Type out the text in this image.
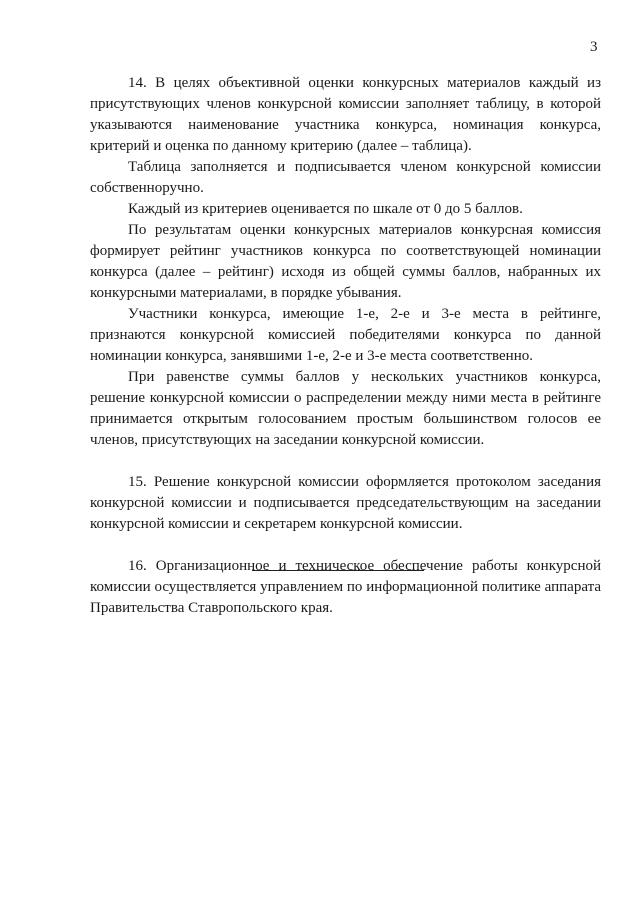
3

14. В целях объективной оценки конкурсных материалов каждый из присутствующих членов конкурсной комиссии заполняет таблицу, в которой указываются наименование участника конкурса, номинация конкурса, критерий и оценка по данному критерию (далее – таблица).

Таблица заполняется и подписывается членом конкурсной комиссии собственноручно.

Каждый из критериев оценивается по шкале от 0 до 5 баллов.

По результатам оценки конкурсных материалов конкурсная комиссия формирует рейтинг участников конкурса по соответствующей номинации конкурса (далее – рейтинг) исходя из общей суммы баллов, набранных их конкурсными материалами, в порядке убывания.

Участники конкурса, имеющие 1-е, 2-е и 3-е места в рейтинге, признаются конкурсной комиссией победителями конкурса по данной номинации конкурса, занявшими 1-е, 2-е и 3-е места соответственно.

При равенстве суммы баллов у нескольких участников конкурса, решение конкурсной комиссии о распределении между ними места в рейтинге принимается открытым голосованием простым большинством голосов ее членов, присутствующих на заседании конкурсной комиссии.

15. Решение конкурсной комиссии оформляется протоколом заседания конкурсной комиссии и подписывается председательствующим на заседании конкурсной комиссии и секретарем конкурсной комиссии.

16. Организационное и техническое обеспечение работы конкурсной комиссии осуществляется управлением по информационной политике аппарата Правительства Ставропольского края.
